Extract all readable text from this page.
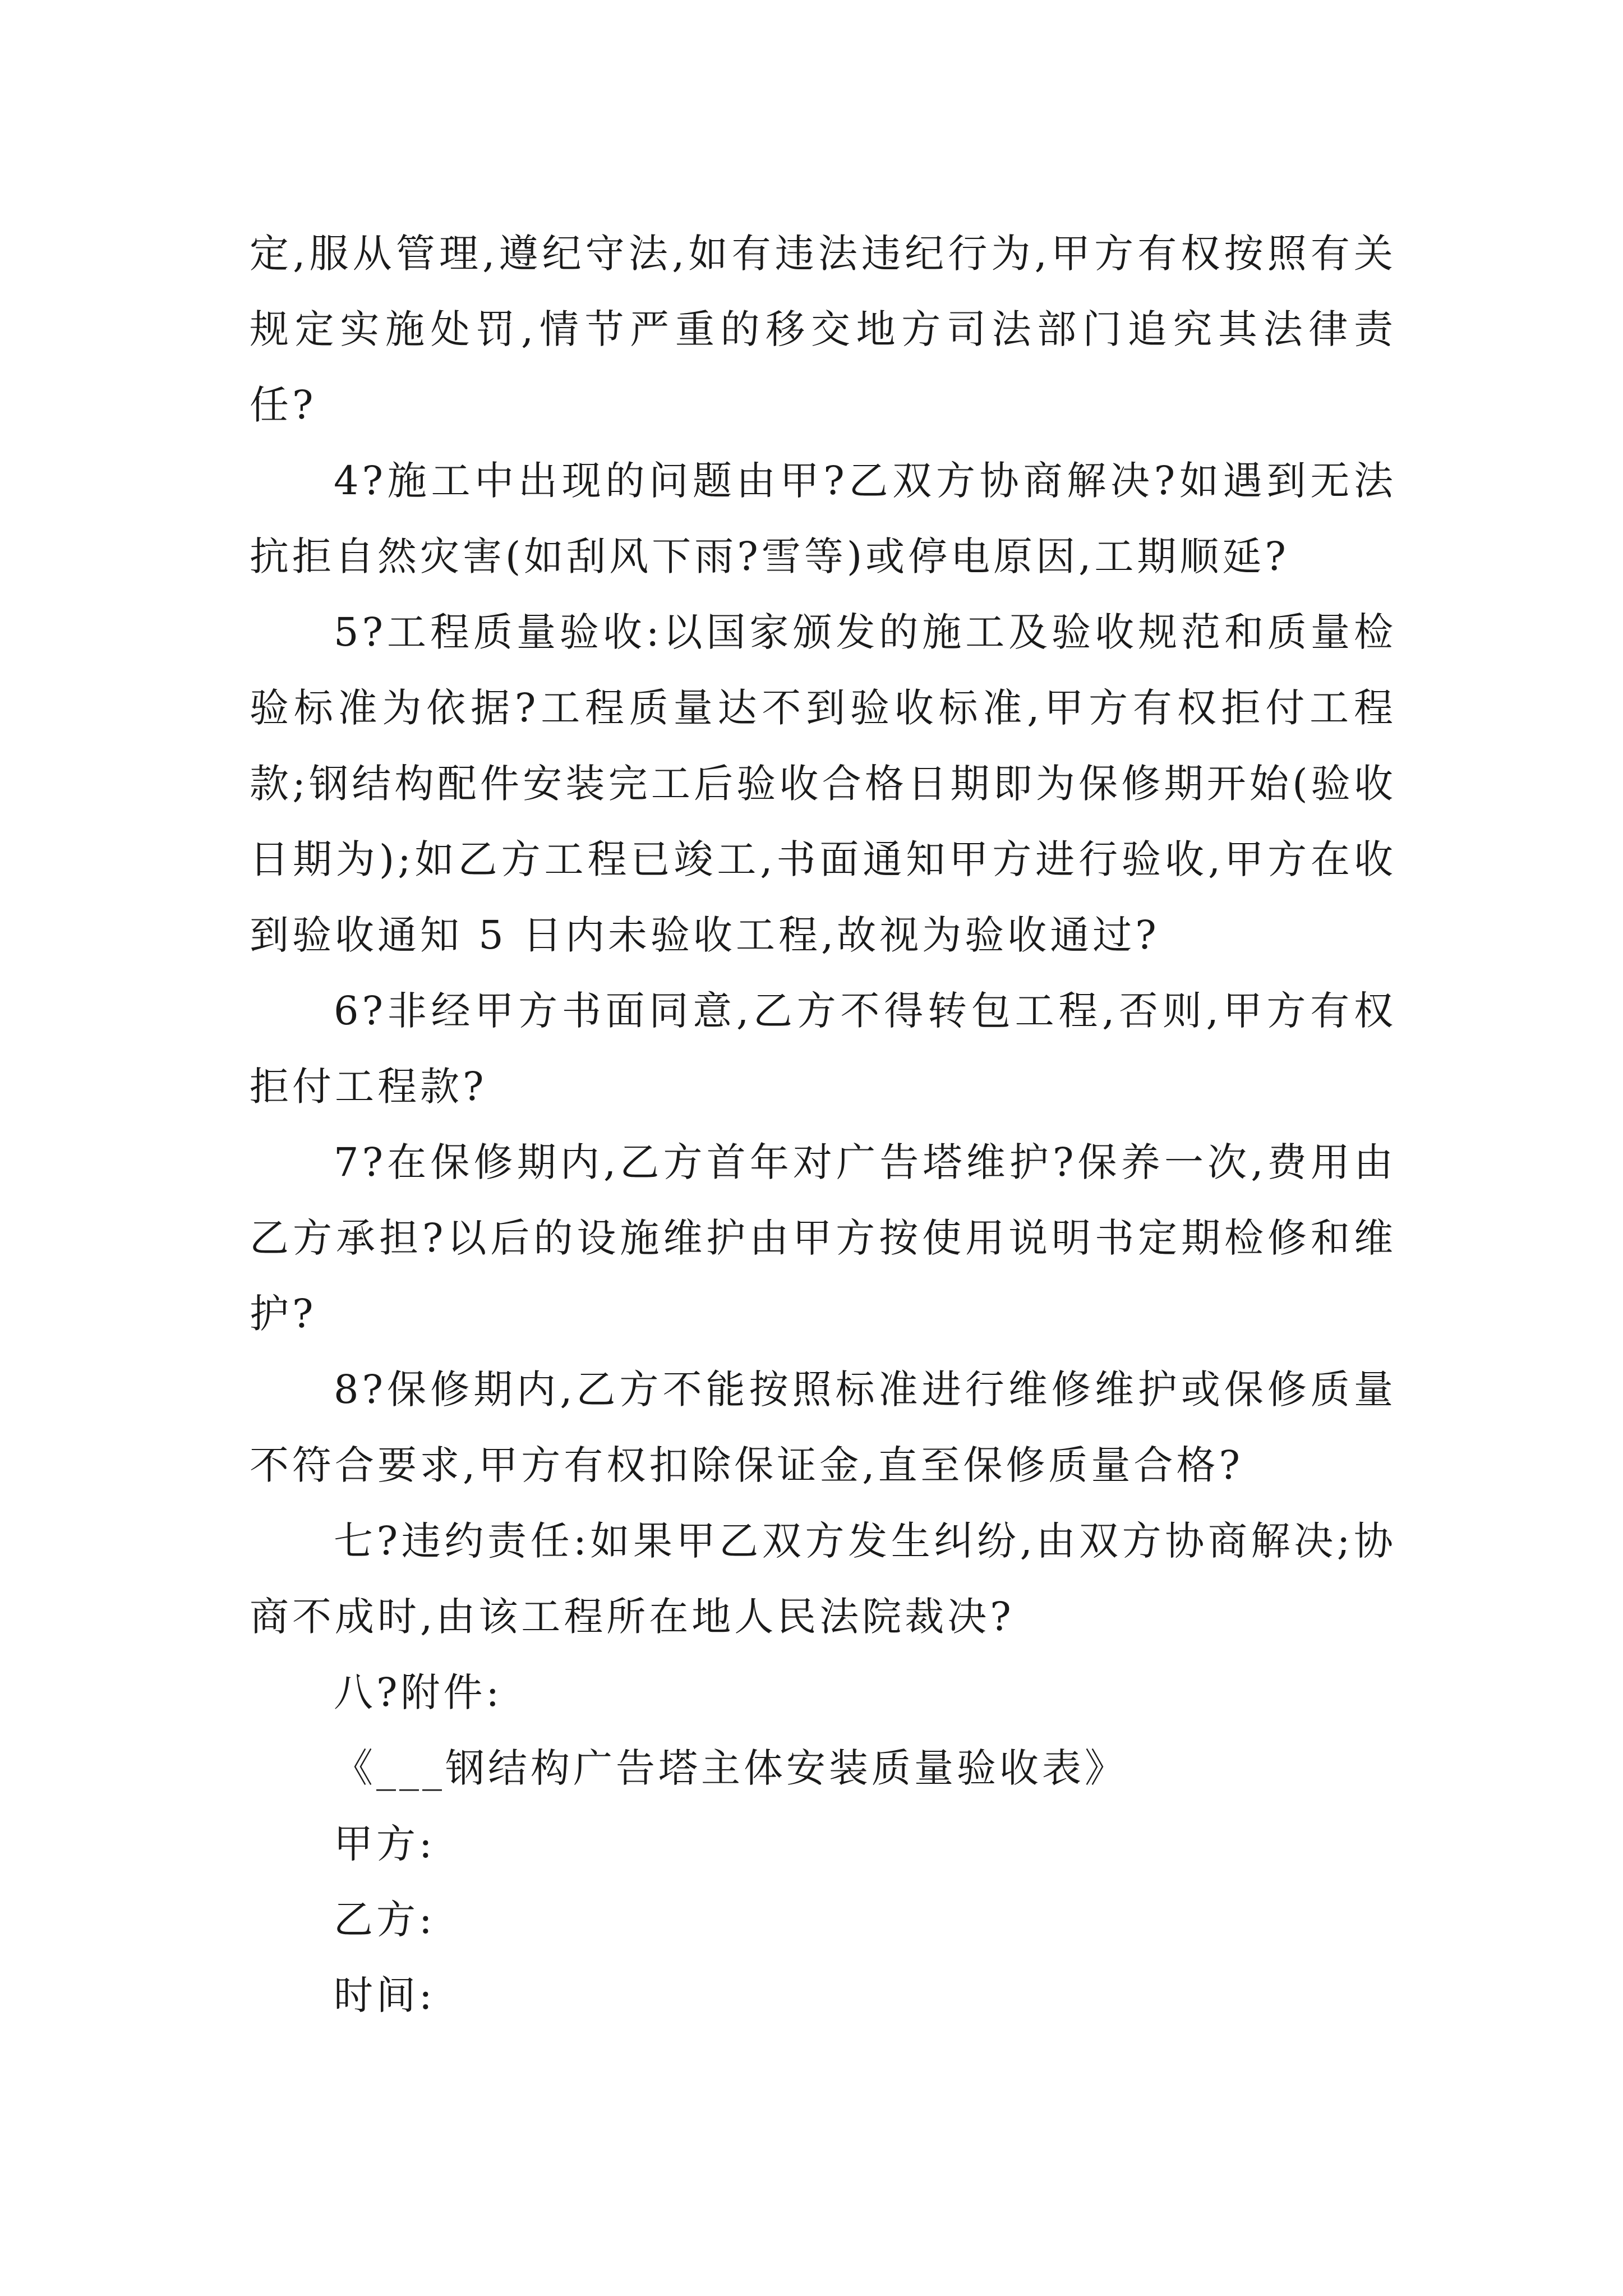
定,服从管理,遵纪守法,如有违法违纪行为,甲方有权按照有关规定实施处罚,情节严重的移交地方司法部门追究其法律责任?

4?施工中出现的问题由甲?乙双方协商解决?如遇到无法抗拒自然灾害(如刮风下雨?雪等)或停电原因,工期顺延?

5?工程质量验收:以国家颁发的施工及验收规范和质量检验标准为依据?工程质量达不到验收标准,甲方有权拒付工程款;钢结构配件安装完工后验收合格日期即为保修期开始(验收日期为);如乙方工程已竣工,书面通知甲方进行验收,甲方在收到验收通知 5 日内未验收工程,故视为验收通过?

6?非经甲方书面同意,乙方不得转包工程,否则,甲方有权拒付工程款?

7?在保修期内,乙方首年对广告塔维护?保养一次,费用由乙方承担?以后的设施维护由甲方按使用说明书定期检修和维护?

8?保修期内,乙方不能按照标准进行维修维护或保修质量不符合要求,甲方有权扣除保证金,直至保修质量合格?

七?违约责任:如果甲乙双方发生纠纷,由双方协商解决;协商不成时,由该工程所在地人民法院裁决?

八?附件:

《___钢结构广告塔主体安装质量验收表》

甲方:

乙方:

时间:
